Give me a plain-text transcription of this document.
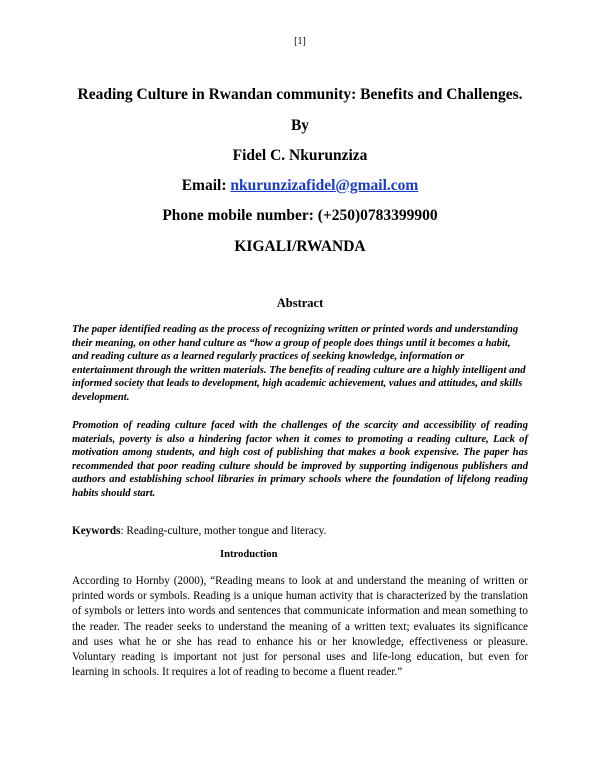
[1]
Reading Culture in Rwandan community: Benefits and Challenges.
By
Fidel C. Nkurunziza
Email: nkurunzizafidel@gmail.com
Phone mobile number: (+250)0783399900
KIGALI/RWANDA
Abstract
The paper identified reading as the process of recognizing written or printed words and understanding their meaning, on other hand culture as “how a group of people does things until it becomes a habit, and reading culture as a learned regularly practices of seeking knowledge, information or entertainment through the written materials. The benefits of reading culture are a highly intelligent and informed society that leads to development, high academic achievement, values and attitudes, and skills development.
Promotion of reading culture faced with the challenges of the scarcity and accessibility of reading materials, poverty is also a hindering factor when it comes to promoting a reading culture, Lack of motivation among students, and high cost of publishing that makes a book expensive. The paper has recommended that poor reading culture should be improved by supporting indigenous publishers and authors and establishing school libraries in primary schools where the foundation of lifelong reading habits should start.
Keywords: Reading-culture, mother tongue and literacy.
Introduction
According to Hornby (2000), “Reading means to look at and understand the meaning of written or printed words or symbols. Reading is a unique human activity that is characterized by the translation of symbols or letters into words and sentences that communicate information and mean something to the reader. The reader seeks to understand the meaning of a written text; evaluates its significance and uses what he or she has read to enhance his or her knowledge, effectiveness or pleasure. Voluntary reading is important not just for personal uses and life-long education, but even for learning in schools. It requires a lot of reading to become a fluent reader.”
